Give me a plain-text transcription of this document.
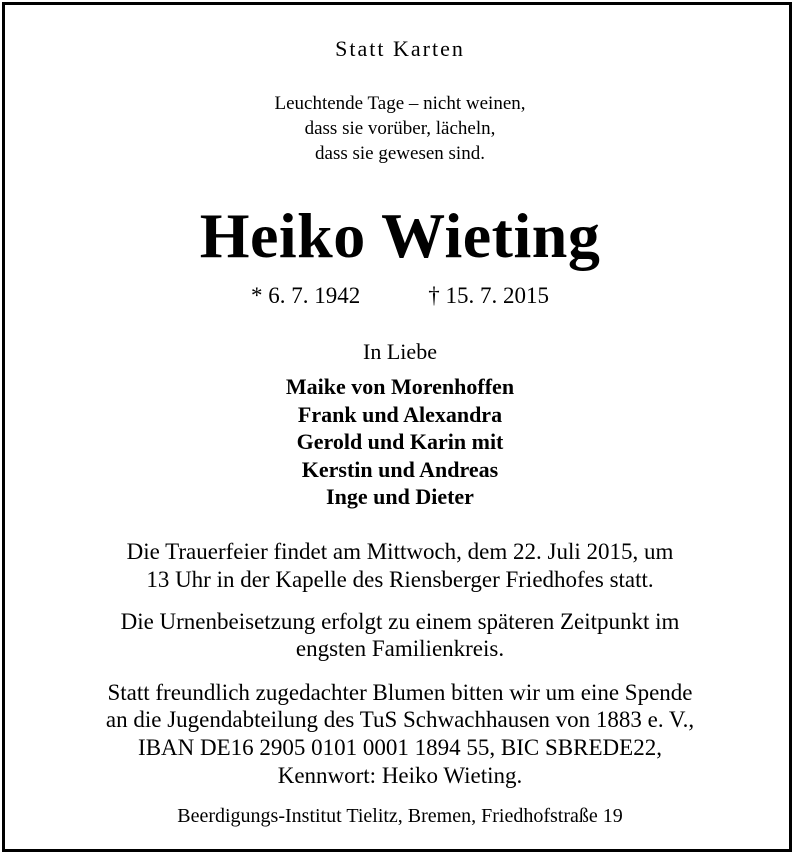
Statt Karten
Leuchtende Tage – nicht weinen,
dass sie vorüber, lächeln,
dass sie gewesen sind.
Heiko Wieting
* 6. 7. 1942	† 15. 7. 2015
In Liebe
Maike von Morenhoffen
Frank und Alexandra
Gerold und Karin mit
Kerstin und Andreas
Inge und Dieter
Die Trauerfeier findet am Mittwoch, dem 22. Juli 2015, um
13 Uhr in der Kapelle des Riensberger Friedhofes statt.
Die Urnenbeisetzung erfolgt zu einem späteren Zeitpunkt im
engsten Familienkreis.
Statt freundlich zugedachter Blumen bitten wir um eine Spende
an die Jugendabteilung des TuS Schwachhausen von 1883 e. V.,
IBAN DE16 2905 0101 0001 1894 55, BIC SBREDE22,
Kennwort: Heiko Wieting.
Beerdigungs-Institut Tielitz, Bremen, Friedhofstraße 19
